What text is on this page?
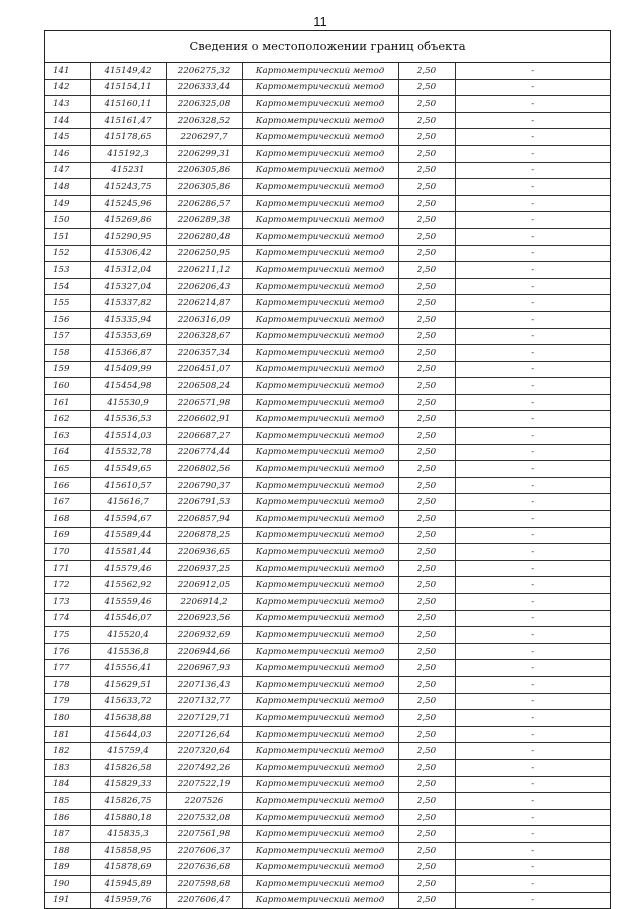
11
Сведения о местоположении границ объекта
141	415149,42	2206275,32	Картометрический метод	2,50	-
142	415154,11	2206333,44	Картометрический метод	2,50	-
143	415160,11	2206325,08	Картометрический метод	2,50	-
144	415161,47	2206328,52	Картометрический метод	2,50	-
145	415178,65	2206297,7	Картометрический метод	2,50	-
146	415192,3	2206299,31	Картометрический метод	2,50	-
147	415231	2206305,86	Картометрический метод	2,50	-
148	415243,75	2206305,86	Картометрический метод	2,50	-
149	415245,96	2206286,57	Картометрический метод	2,50	-
150	415269,86	2206289,38	Картометрический метод	2,50	-
151	415290,95	2206280,48	Картометрический метод	2,50	-
152	415306,42	2206250,95	Картометрический метод	2,50	-
153	415312,04	2206211,12	Картометрический метод	2,50	-
154	415327,04	2206206,43	Картометрический метод	2,50	-
155	415337,82	2206214,87	Картометрический метод	2,50	-
156	415335,94	2206316,09	Картометрический метод	2,50	-
157	415353,69	2206328,67	Картометрический метод	2,50	-
158	415366,87	2206357,34	Картометрический метод	2,50	-
159	415409,99	2206451,07	Картометрический метод	2,50	-
160	415454,98	2206508,24	Картометрический метод	2,50	-
161	415530,9	2206571,98	Картометрический метод	2,50	-
162	415536,53	2206602,91	Картометрический метод	2,50	-
163	415514,03	2206687,27	Картометрический метод	2,50	-
164	415532,78	2206774,44	Картометрический метод	2,50	-
165	415549,65	2206802,56	Картометрический метод	2,50	-
166	415610,57	2206790,37	Картометрический метод	2,50	-
167	415616,7	2206791,53	Картометрический метод	2,50	-
168	415594,67	2206857,94	Картометрический метод	2,50	-
169	415589,44	2206878,25	Картометрический метод	2,50	-
170	415581,44	2206936,65	Картометрический метод	2,50	-
171	415579,46	2206937,25	Картометрический метод	2,50	-
172	415562,92	2206912,05	Картометрический метод	2,50	-
173	415559,46	2206914,2	Картометрический метод	2,50	-
174	415546,07	2206923,56	Картометрический метод	2,50	-
175	415520,4	2206932,69	Картометрический метод	2,50	-
176	415536,8	2206944,66	Картометрический метод	2,50	-
177	415556,41	2206967,93	Картометрический метод	2,50	-
178	415629,51	2207136,43	Картометрический метод	2,50	-
179	415633,72	2207132,77	Картометрический метод	2,50	-
180	415638,88	2207129,71	Картометрический метод	2,50	-
181	415644,03	2207126,64	Картометрический метод	2,50	-
182	415759,4	2207320,64	Картометрический метод	2,50	-
183	415826,58	2207492,26	Картометрический метод	2,50	-
184	415829,33	2207522,19	Картометрический метод	2,50	-
185	415826,75	2207526	Картометрический метод	2,50	-
186	415880,18	2207532,08	Картометрический метод	2,50	-
187	415835,3	2207561,98	Картометрический метод	2,50	-
188	415858,95	2207606,37	Картометрический метод	2,50	-
189	415878,69	2207636,68	Картометрический метод	2,50	-
190	415945,89	2207598,68	Картометрический метод	2,50	-
191	415959,76	2207606,47	Картометрический метод	2,50	-
